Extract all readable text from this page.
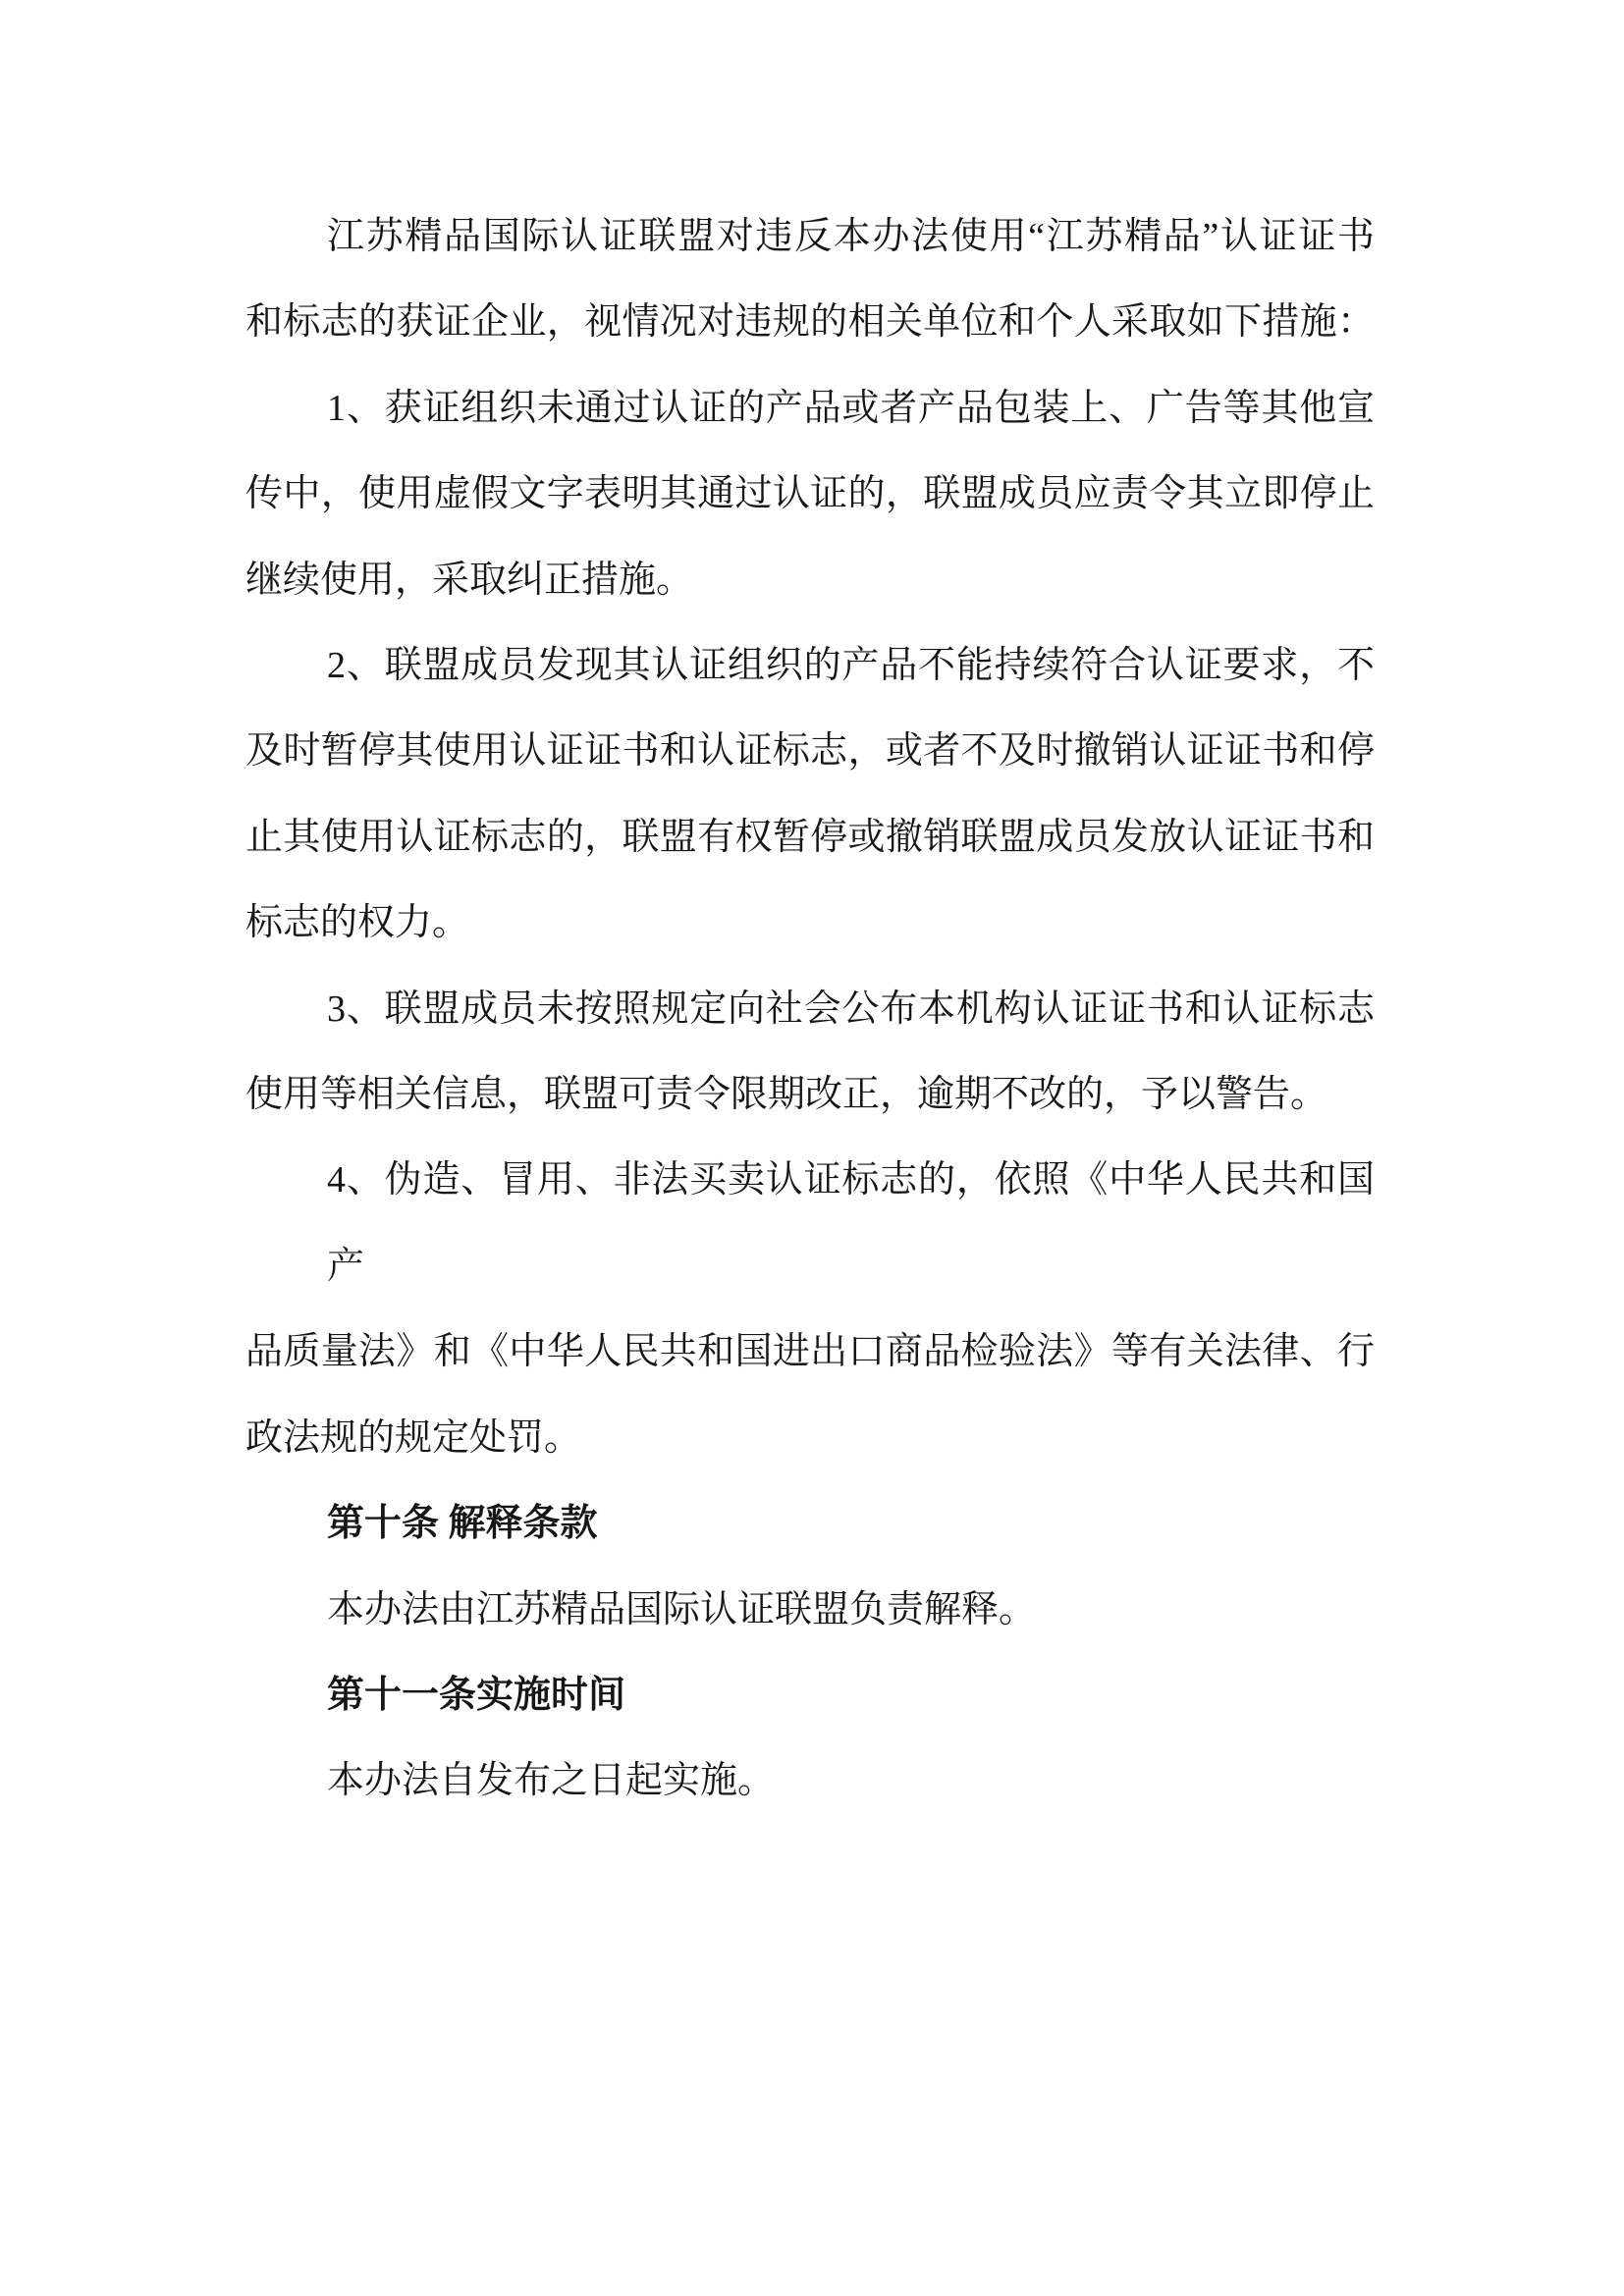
江苏精品国际认证联盟对违反本办法使用“江苏精品”认证证书
和标志的获证企业，视情况对违规的相关单位和个人采取如下措施：
1、获证组织未通过认证的产品或者产品包装上、广告等其他宣
传中，使用虚假文字表明其通过认证的，联盟成员应责令其立即停止
继续使用，采取纠正措施。
2、联盟成员发现其认证组织的产品不能持续符合认证要求，不
及时暂停其使用认证证书和认证标志，或者不及时撤销认证证书和停
止其使用认证标志的，联盟有权暂停或撤销联盟成员发放认证证书和
标志的权力。
3、联盟成员未按照规定向社会公布本机构认证证书和认证标志
使用等相关信息，联盟可责令限期改正，逾期不改的，予以警告。
4、伪造、冒用、非法买卖认证标志的，依照《中华人民共和国产
品质量法》和《中华人民共和国进出口商品检验法》等有关法律、行
政法规的规定处罚。
第十条 解释条款
本办法由江苏精品国际认证联盟负责解释。
第十一条实施时间
本办法自发布之日起实施。
